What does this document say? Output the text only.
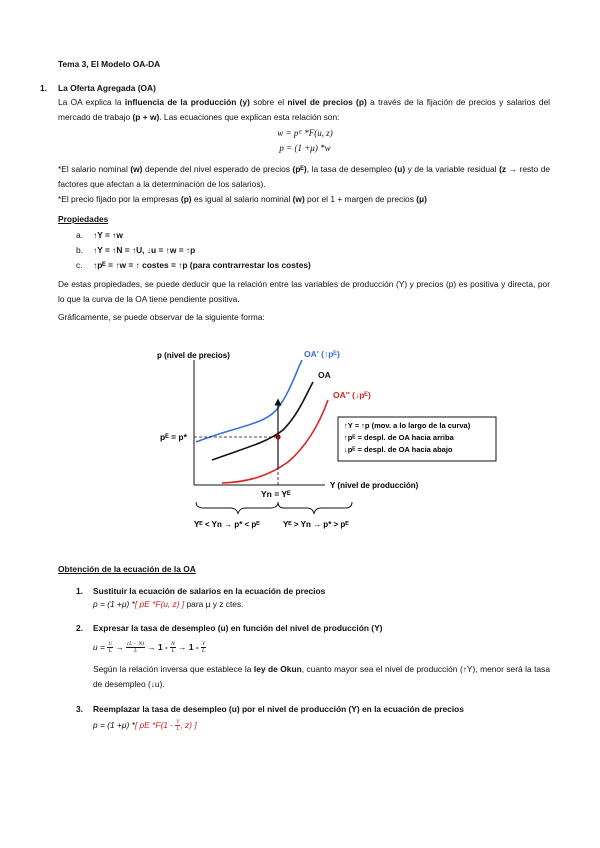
Tema 3, El Modelo OA-DA
1. La Oferta Agregada (OA)
La OA explica la influencia de la producción (y) sobre el nivel de precios (p) a través de la fijación de precios y salarios del mercado de trabajo (p + w). Las ecuaciones que explican esta relación son:
w = pᴱ *F(u, z)
p = (1 +μ) *w
*El salario nominal (w) depende del nivel esperado de precios (pᴱ), la tasa de desempleo (u) y de la variable residual (z → resto de factores que afectan a la determinación de los salarios).
*El precio fijado por la empresas (p) es igual al salario nominal (w) por el 1 + margen de precios (μ)
Propiedades
a. ↑Y = ↑w
b. ↑Y = ↑N = ↑U, ↓u = ↑w = ↑p
c. ↑pᴱ = ↑w = ↑ costes = ↑p (para contrarrestar los costes)
De estas propiedades, se puede deducir que la relación entre las variables de producción (Y) y precios (p) es positiva y directa, por lo que la curva de la OA tiene pendiente positiva.
Gráficamente, se puede observar de la siguiente forma:
p (nivel de precios)
Y (nivel de producción)
OA' (↑pᴱ)
OA
OA'' (↓pᴱ)
pᴱ = p*
Yn = Yᴱ
↑Y = ↑p (mov. a lo largo de la curva)
↑pᴱ = despl. de OA hacia arriba
↓pᴱ = despl. de OA hacia abajo
Yᴱ < Yn → p* < pᴱ	Yᴱ > Yn → p* > pᴱ
Obtención de la ecuación de la OA
1. Sustituir la ecuación de salarios en la ecuación de precios
p = (1 +μ) *[ pE *F(u, z) ] para μ y z ctes.
2. Expresar la tasa de desempleo (u) en función del nivel de producción (Y)
$u = \frac{U}{L} \to \frac{(L - N)}{L} \to 1 - \frac{N}{L} \to 1 - \frac{Y}{L}$
Según la relación inversa que establece la ley de Okun, cuanto mayor sea el nivel de producción (↑Y), menor será la tasa de desempleo (↓u).
3. Reemplazar la tasa de desempleo (u) por el nivel de producción (Y) en la ecuación de precios
p = (1 +μ) *[ pE $*F(1 - \frac{Y}{L}$ , z) ]
